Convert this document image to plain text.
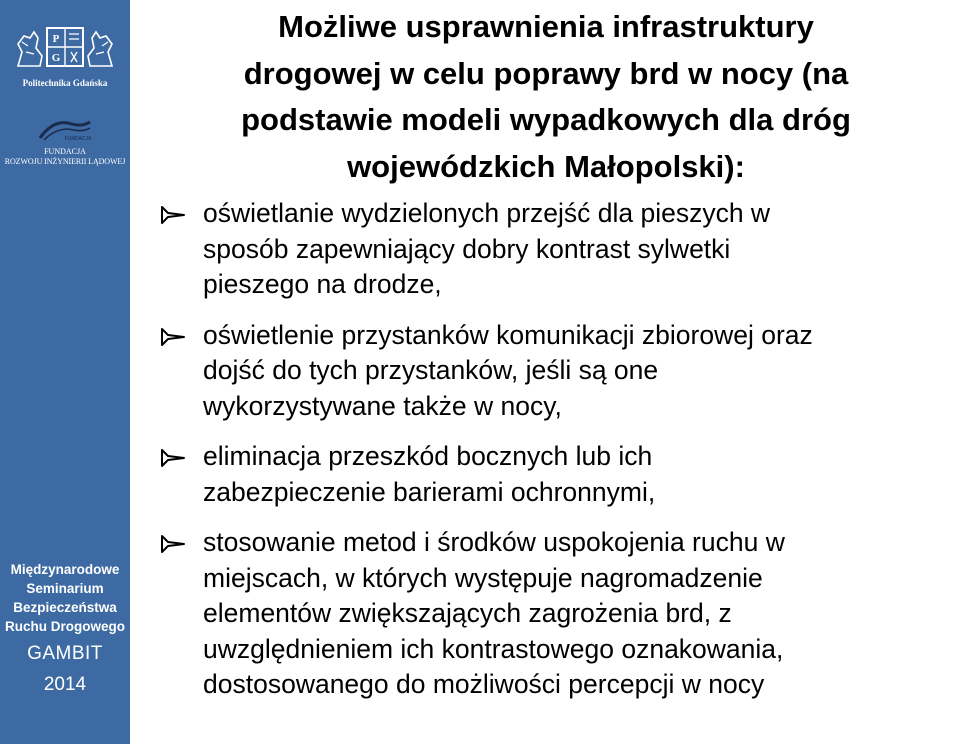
P
G
Politechnika Gdańska
FUNDACJA
FUNDACJA
ROZWOJU INŻYNIERII LĄDOWEJ
Międzynarodowe
Seminarium
Bezpieczeństwa
Ruchu Drogowego
GAMBIT
2014
Możliwe usprawnienia infrastruktury
drogowej w celu poprawy brd w nocy (na
podstawie modeli wypadkowych dla dróg
wojewódzkich Małopolski):
oświetlanie wydzielonych przejść dla pieszych w
sposób zapewniający dobry kontrast sylwetki
pieszego na drodze,
oświetlenie przystanków komunikacji zbiorowej oraz
dojść do tych przystanków, jeśli są one
wykorzystywane także w nocy,
eliminacja przeszkód bocznych lub ich
zabezpieczenie barierami ochronnymi,
stosowanie metod i środków uspokojenia ruchu w
miejscach, w których występuje nagromadzenie
elementów zwiększających zagrożenia brd, z
uwzględnieniem ich kontrastowego oznakowania,
dostosowanego do możliwości percepcji w nocy
